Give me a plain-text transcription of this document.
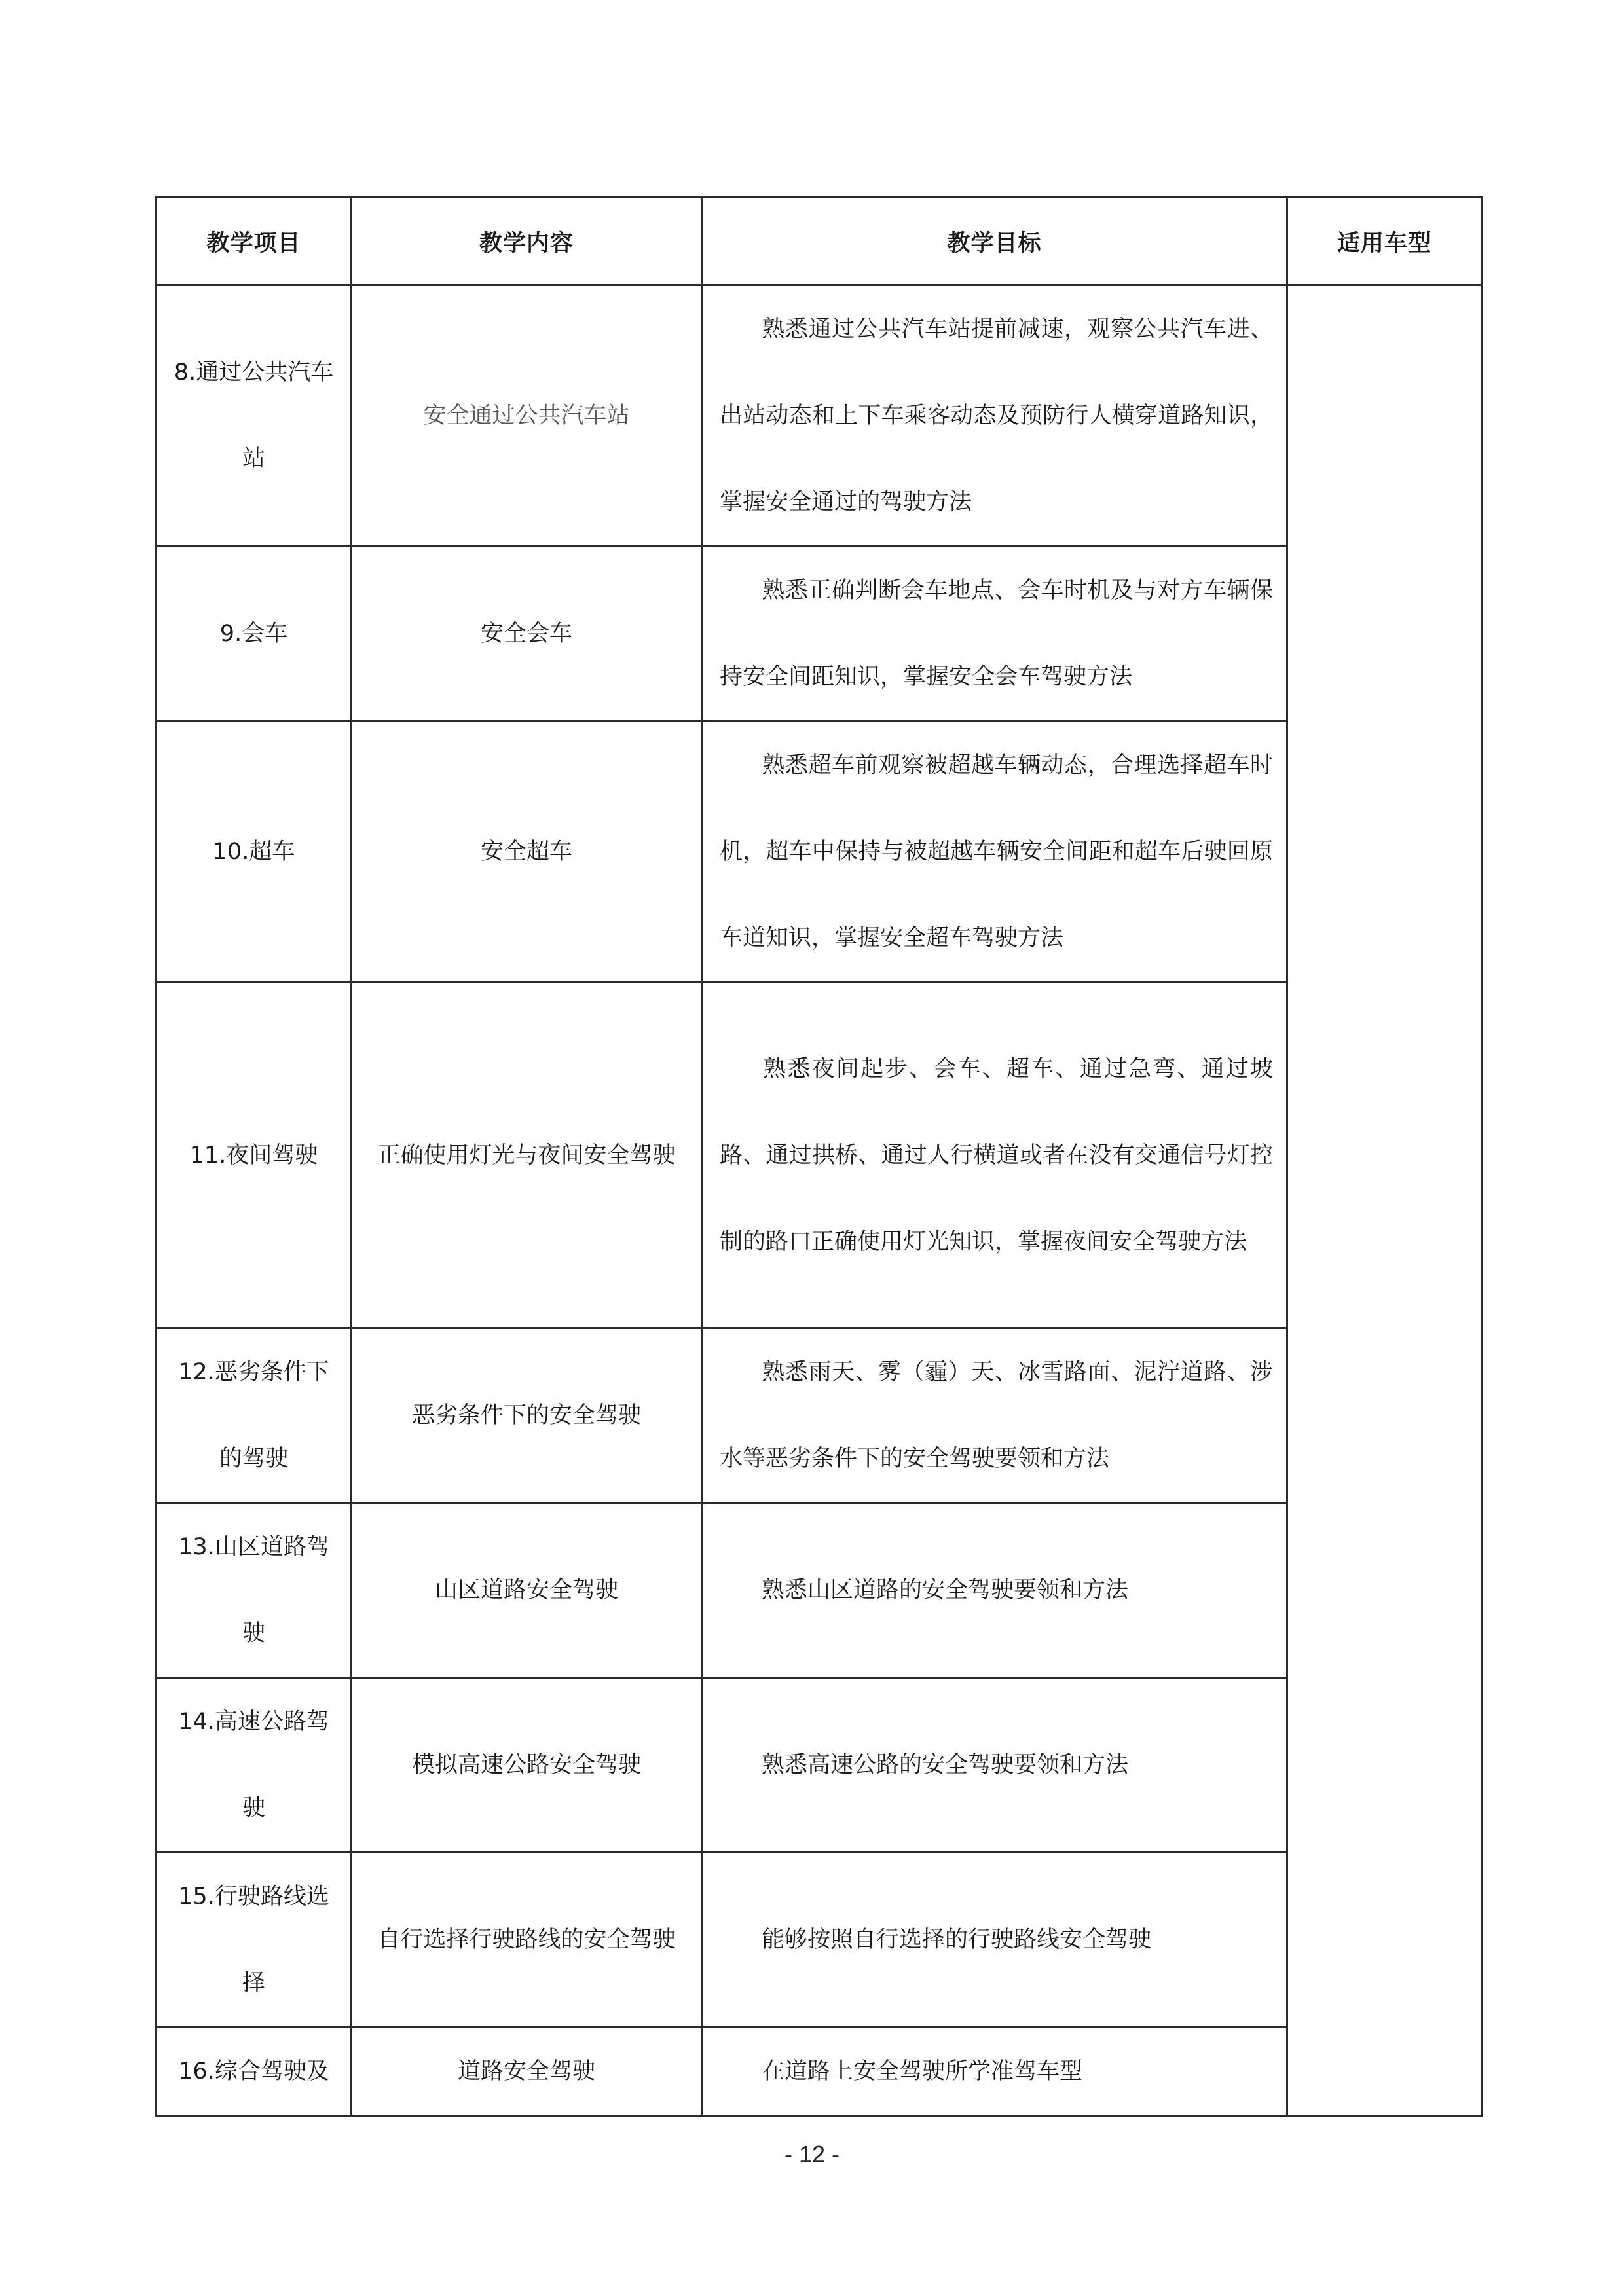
教学项目	教学内容	教学目标	适用车型
8.通过公共汽车站	安全通过公共汽车站	熟悉通过公共汽车站提前减速，观察公共汽车进、出站动态和上下车乘客动态及预防行人横穿道路知识，掌握安全通过的驾驶方法	
9.会车	安全会车	熟悉正确判断会车地点、会车时机及与对方车辆保持安全间距知识，掌握安全会车驾驶方法	
10.超车	安全超车	熟悉超车前观察被超越车辆动态，合理选择超车时机，超车中保持与被超越车辆安全间距和超车后驶回原车道知识，掌握安全超车驾驶方法	
11.夜间驾驶	正确使用灯光与夜间安全驾驶	熟悉夜间起步、会车、超车、通过急弯、通过坡路、通过拱桥、通过人行横道或者在没有交通信号灯控制的路口正确使用灯光知识，掌握夜间安全驾驶方法	
12.恶劣条件下的驾驶	恶劣条件下的安全驾驶	熟悉雨天、雾（霾）天、冰雪路面、泥泞道路、涉水等恶劣条件下的安全驾驶要领和方法	
13.山区道路驾驶	山区道路安全驾驶	熟悉山区道路的安全驾驶要领和方法	
14.高速公路驾驶	模拟高速公路安全驾驶	熟悉高速公路的安全驾驶要领和方法	
15.行驶路线选择	自行选择行驶路线的安全驾驶	能够按照自行选择的行驶路线安全驾驶	
16.综合驾驶及	道路安全驾驶	在道路上安全驾驶所学准驾车型	
- 12 -
